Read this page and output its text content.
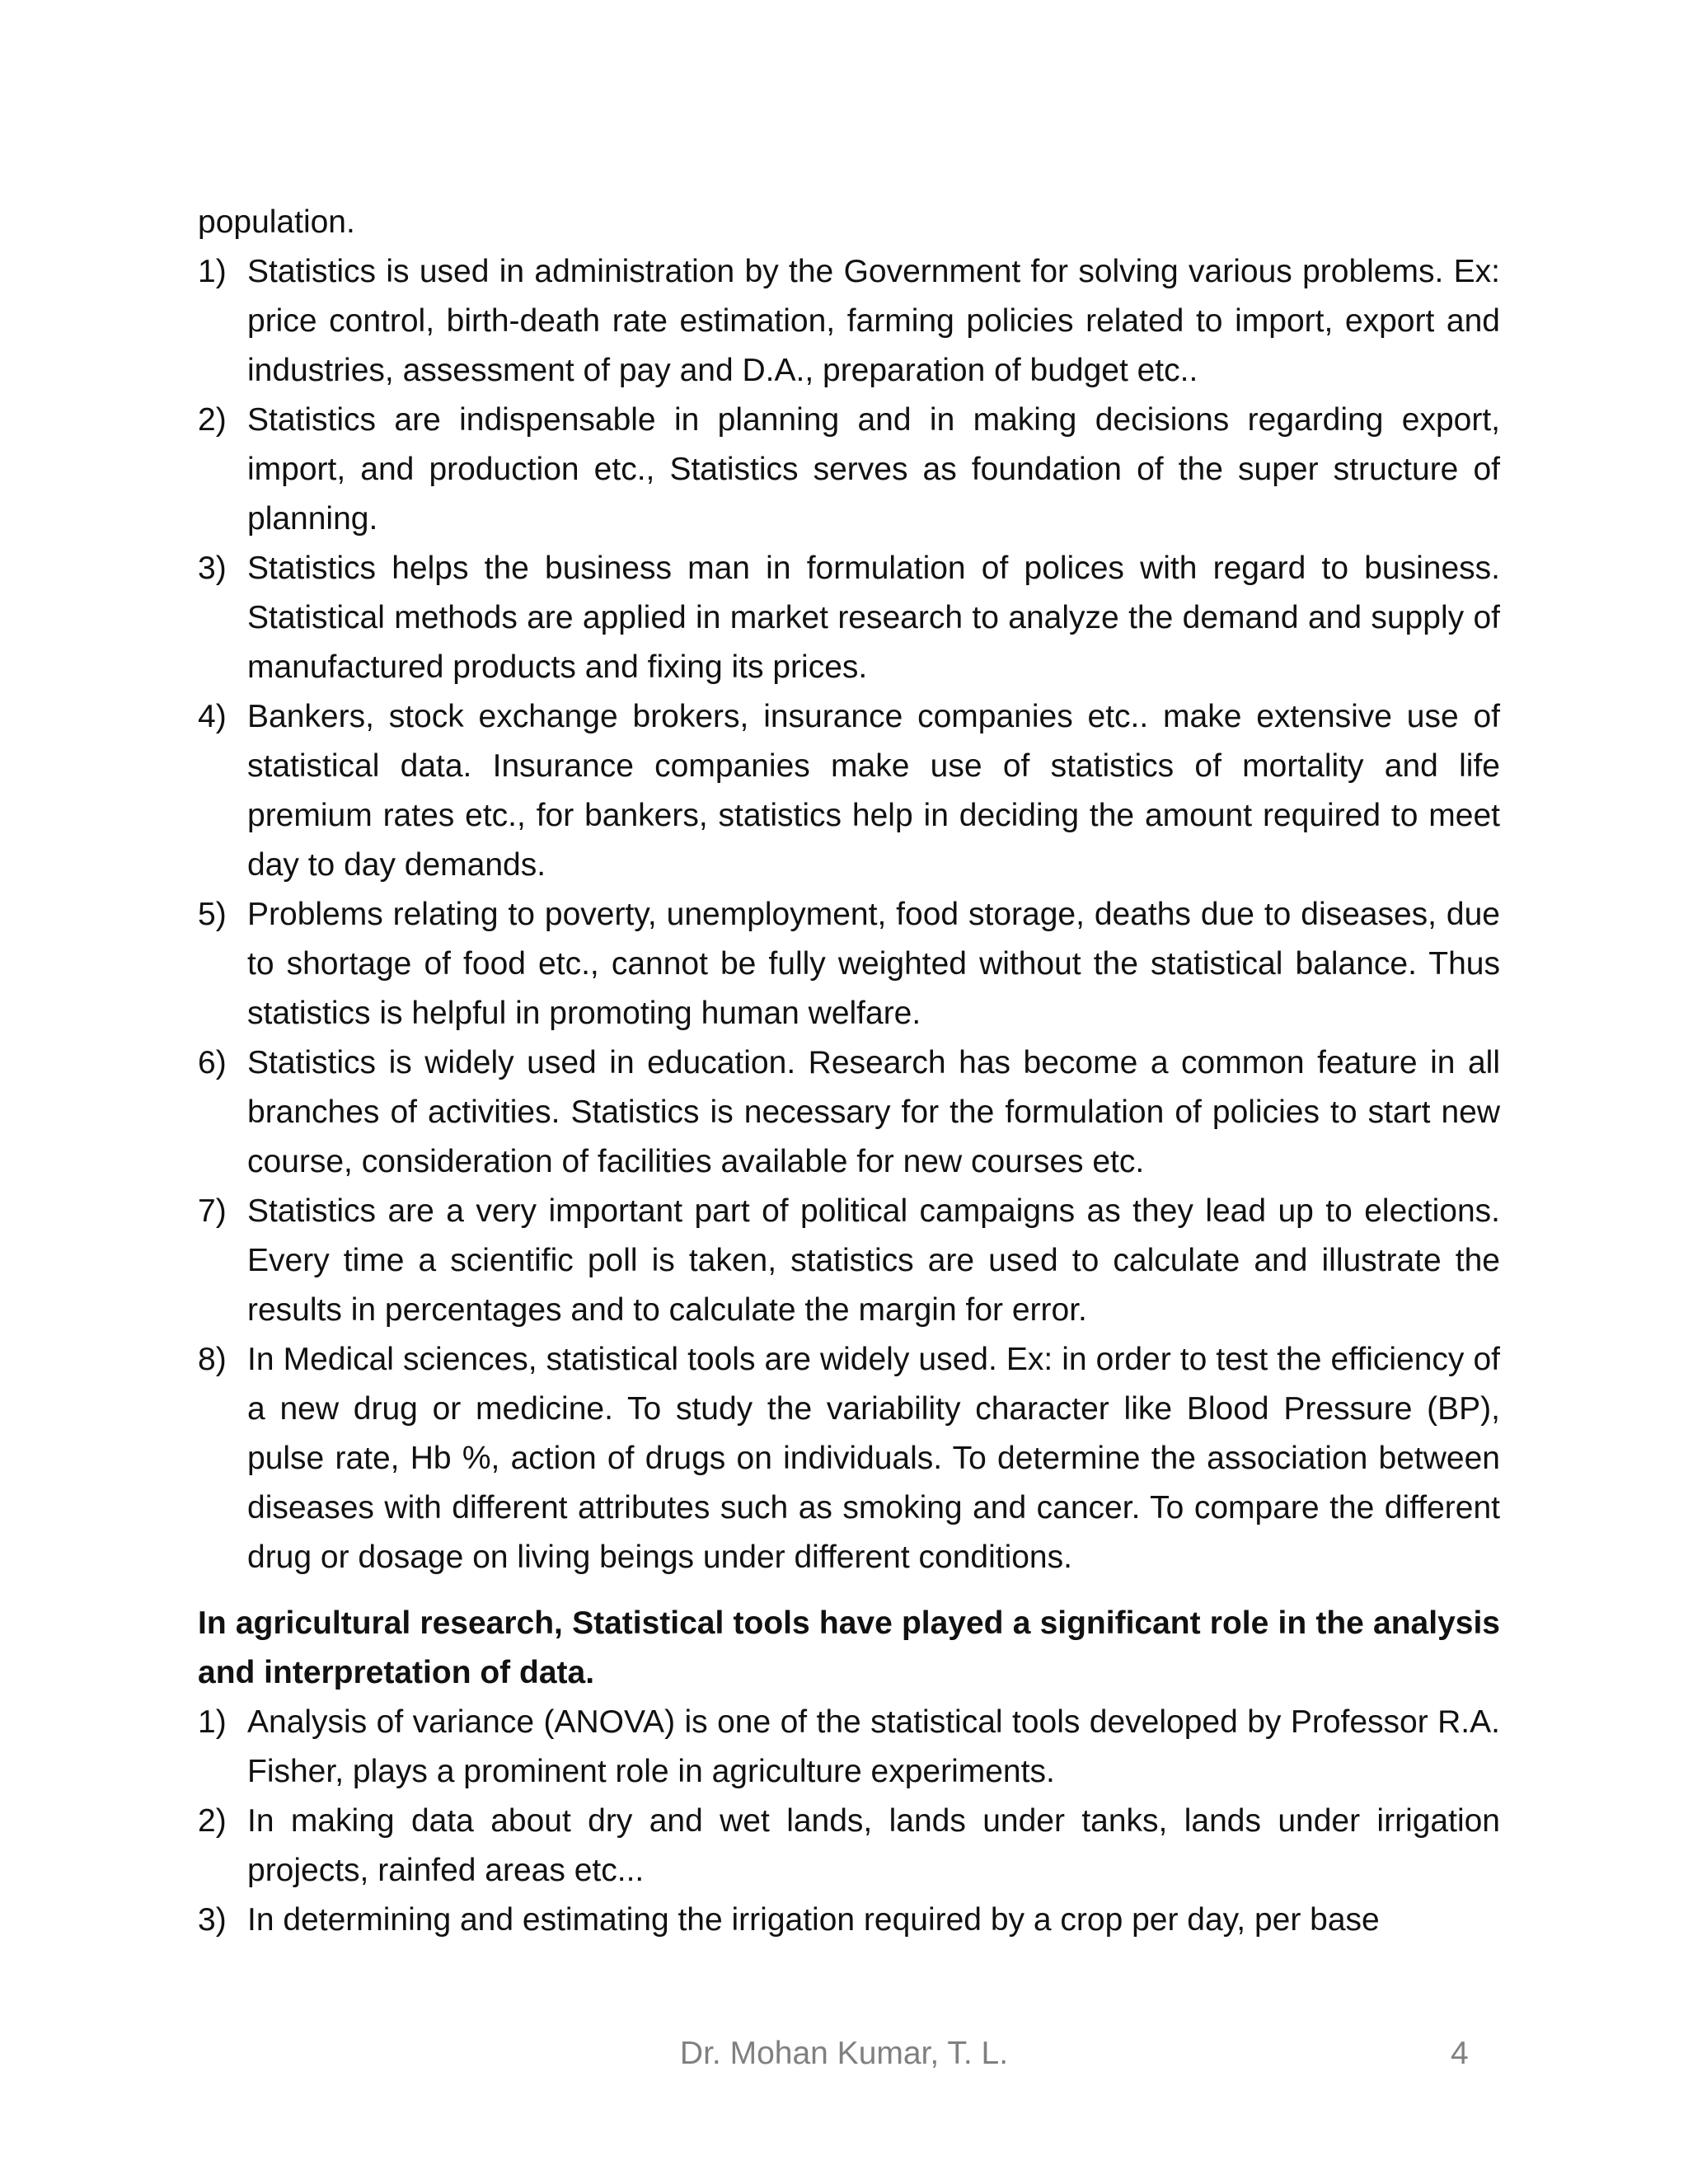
population.

1) Statistics is used in administration by the Government for solving various problems. Ex: price control, birth-death rate estimation, farming policies related to import, export and industries, assessment of pay and D.A., preparation of budget etc..
2) Statistics are indispensable in planning and in making decisions regarding export, import, and production etc., Statistics serves as foundation of the super structure of planning.
3) Statistics helps the business man in formulation of polices with regard to business. Statistical methods are applied in market research to analyze the demand and supply of manufactured products and fixing its prices.
4) Bankers, stock exchange brokers, insurance companies etc.. make extensive use of statistical data. Insurance companies make use of statistics of mortality and life premium rates etc., for bankers, statistics help in deciding the amount required to meet day to day demands.
5) Problems relating to poverty, unemployment, food storage, deaths due to diseases, due to shortage of food etc., cannot be fully weighted without the statistical balance. Thus statistics is helpful in promoting human welfare.
6) Statistics is widely used in education. Research has become a common feature in all branches of activities. Statistics is necessary for the formulation of policies to start new course, consideration of facilities available for new courses etc.
7) Statistics are a very important part of political campaigns as they lead up to elections. Every time a scientific poll is taken, statistics are used to calculate and illustrate the results in percentages and to calculate the margin for error.
8) In Medical sciences, statistical tools are widely used. Ex: in order to test the efficiency of a new drug or medicine. To study the variability character like Blood Pressure (BP), pulse rate, Hb %, action of drugs on individuals. To determine the association between diseases with different attributes such as smoking and cancer. To compare the different drug or dosage on living beings under different conditions.

In agricultural research, Statistical tools have played a significant role in the analysis and interpretation of data.

1) Analysis of variance (ANOVA) is one of the statistical tools developed by Professor R.A. Fisher, plays a prominent role in agriculture experiments.
2) In making data about dry and wet lands, lands under tanks, lands under irrigation projects, rainfed areas etc...
3) In determining and estimating the irrigation required by a crop per day, per base
Dr. Mohan Kumar, T. L.	4
